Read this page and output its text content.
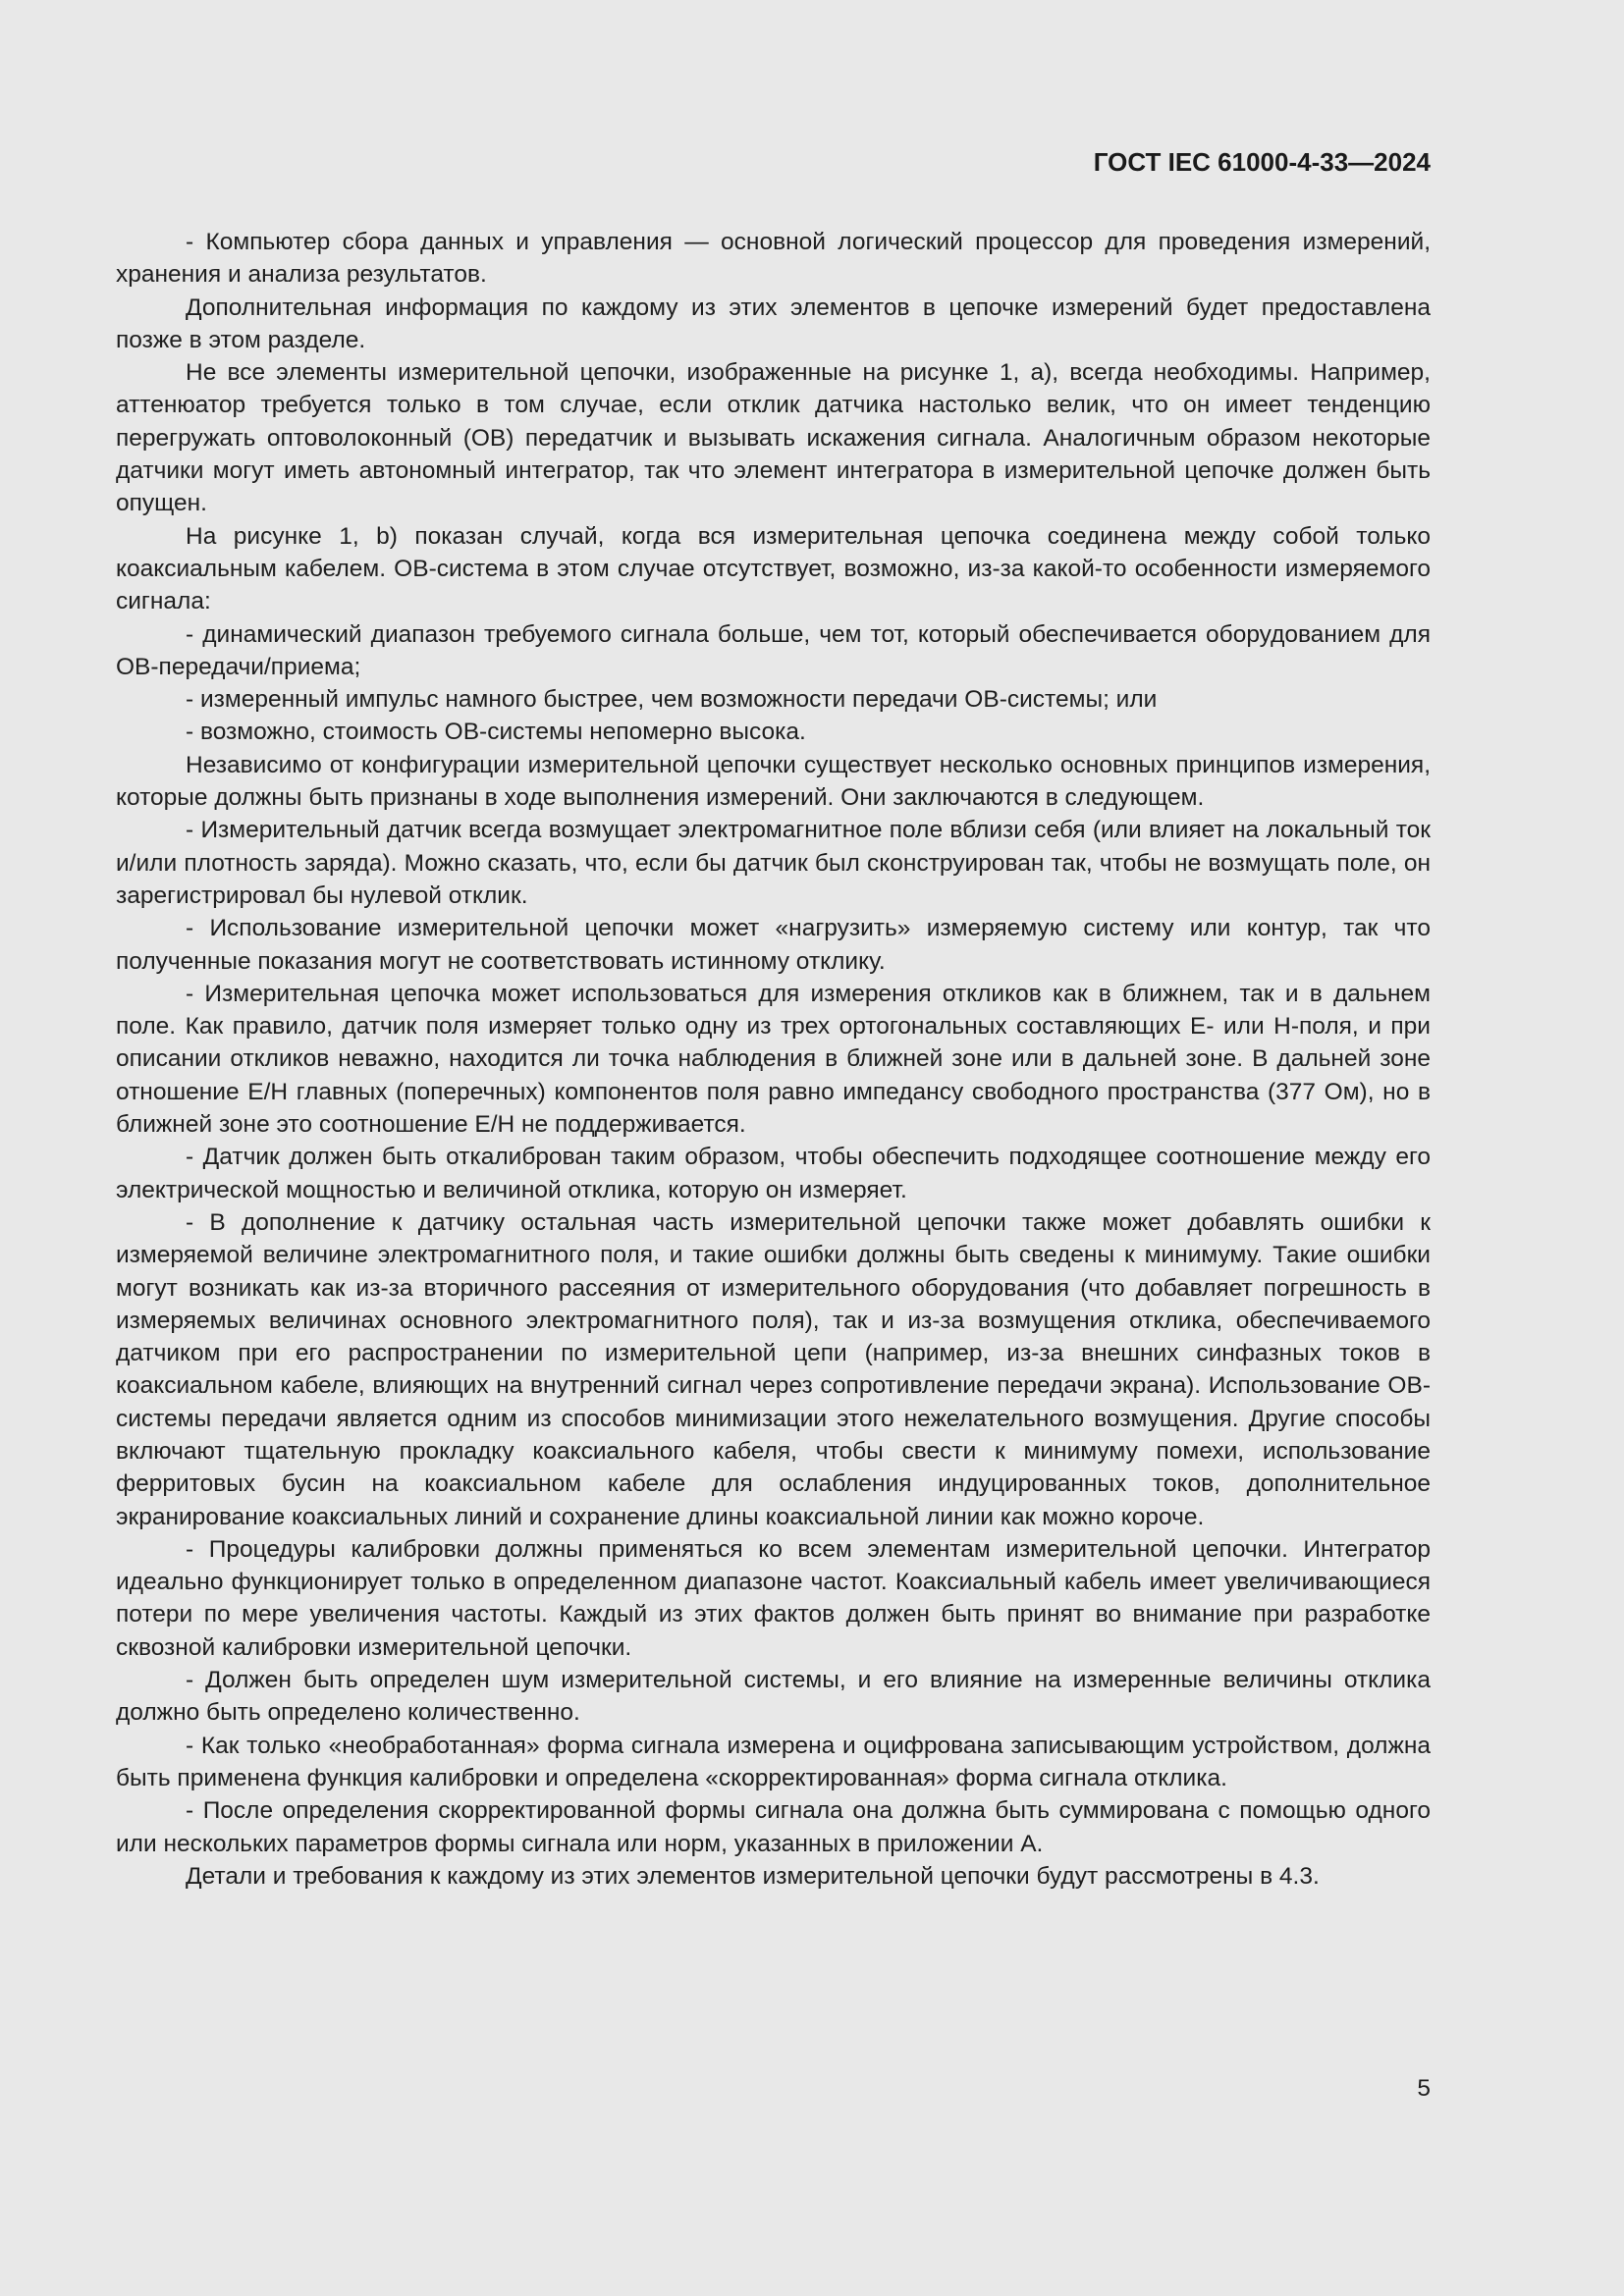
ГОСТ IEC 61000-4-33—2024

- Компьютер сбора данных и управления — основной логический процессор для проведения измерений, хранения и анализа результатов.

Дополнительная информация по каждому из этих элементов в цепочке измерений будет предоставлена позже в этом разделе.

Не все элементы измерительной цепочки, изображенные на рисунке 1, a), всегда необходимы. Например, аттенюатор требуется только в том случае, если отклик датчика настолько велик, что он имеет тенденцию перегружать оптоволоконный (ОВ) передатчик и вызывать искажения сигнала. Аналогичным образом некоторые датчики могут иметь автономный интегратор, так что элемент интегратора в измерительной цепочке должен быть опущен.

На рисунке 1, b) показан случай, когда вся измерительная цепочка соединена между собой только коаксиальным кабелем. ОВ-система в этом случае отсутствует, возможно, из-за какой-то особенности измеряемого сигнала:

- динамический диапазон требуемого сигнала больше, чем тот, который обеспечивается оборудованием для ОВ-передачи/приема;

- измеренный импульс намного быстрее, чем возможности передачи ОВ-системы; или

- возможно, стоимость ОВ-системы непомерно высока.

Независимо от конфигурации измерительной цепочки существует несколько основных принципов измерения, которые должны быть признаны в ходе выполнения измерений. Они заключаются в следующем.

- Измерительный датчик всегда возмущает электромагнитное поле вблизи себя (или влияет на локальный ток и/или плотность заряда). Можно сказать, что, если бы датчик был сконструирован так, чтобы не возмущать поле, он зарегистрировал бы нулевой отклик.

- Использование измерительной цепочки может «нагрузить» измеряемую систему или контур, так что полученные показания могут не соответствовать истинному отклику.

- Измерительная цепочка может использоваться для измерения откликов как в ближнем, так и в дальнем поле. Как правило, датчик поля измеряет только одну из трех ортогональных составляющих E- или H-поля, и при описании откликов неважно, находится ли точка наблюдения в ближней зоне или в дальней зоне. В дальней зоне отношение E/H главных (поперечных) компонентов поля равно импедансу свободного пространства (377 Ом), но в ближней зоне это соотношение E/H не поддерживается.

- Датчик должен быть откалиброван таким образом, чтобы обеспечить подходящее соотношение между его электрической мощностью и величиной отклика, которую он измеряет.

- В дополнение к датчику остальная часть измерительной цепочки также может добавлять ошибки к измеряемой величине электромагнитного поля, и такие ошибки должны быть сведены к минимуму. Такие ошибки могут возникать как из-за вторичного рассеяния от измерительного оборудования (что добавляет погрешность в измеряемых величинах основного электромагнитного поля), так и из-за возмущения отклика, обеспечиваемого датчиком при его распространении по измерительной цепи (например, из-за внешних синфазных токов в коаксиальном кабеле, влияющих на внутренний сигнал через сопротивление передачи экрана). Использование ОВ-системы передачи является одним из способов минимизации этого нежелательного возмущения. Другие способы включают тщательную прокладку коаксиального кабеля, чтобы свести к минимуму помехи, использование ферритовых бусин на коаксиальном кабеле для ослабления индуцированных токов, дополнительное экранирование коаксиальных линий и сохранение длины коаксиальной линии как можно короче.

- Процедуры калибровки должны применяться ко всем элементам измерительной цепочки. Интегратор идеально функционирует только в определенном диапазоне частот. Коаксиальный кабель имеет увеличивающиеся потери по мере увеличения частоты. Каждый из этих фактов должен быть принят во внимание при разработке сквозной калибровки измерительной цепочки.

- Должен быть определен шум измерительной системы, и его влияние на измеренные величины отклика должно быть определено количественно.

- Как только «необработанная» форма сигнала измерена и оцифрована записывающим устройством, должна быть применена функция калибровки и определена «скорректированная» форма сигнала отклика.

- После определения скорректированной формы сигнала она должна быть суммирована с помощью одного или нескольких параметров формы сигнала или норм, указанных в приложении А.

Детали и требования к каждому из этих элементов измерительной цепочки будут рассмотрены в 4.3.

5
